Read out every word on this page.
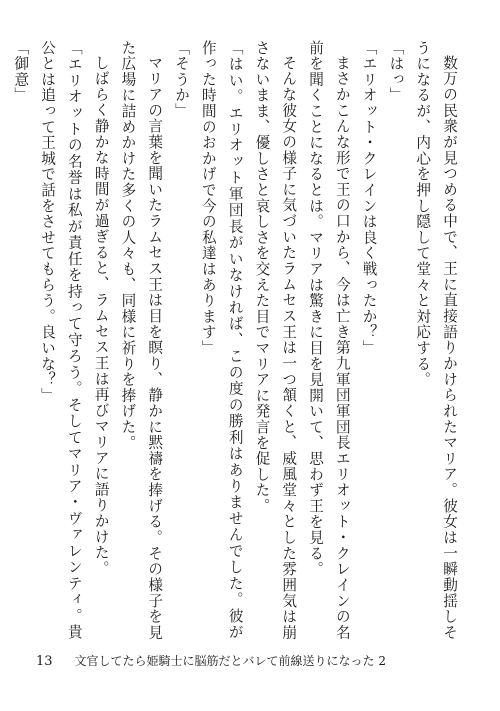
数万の民衆が見つめる中で、王に直接語りかけられたマリア。彼女は一瞬動揺しそうになるが、内心を押し隠して堂々と対応する。

「はっ」

「エリオット・クレインは良く戦ったか？」

まさかこんな形で王の口から、今は亡き第九軍団軍団長エリオット・クレインの名前を聞くことになるとは。マリアは驚きに目を見開いて、思わず王を見る。

そんな彼女の様子に気づいたラムセス王は一つ頷くと、威風堂々とした雰囲気は崩さないまま、優しさと哀しさを交えた目でマリアに発言を促した。

「はい。エリオット軍団長がいなければ、この度の勝利はありませんでした。彼が作った時間のおかげで今の私達はあります」

「そうか」

マリアの言葉を聞いたラムセス王は目を瞑り、静かに黙禱を捧げる。その様子を見た広場に詰めかけた多くの人々も、同様に祈りを捧げた。

しばらく静かな時間が過ぎると、ラムセス王は再びマリアに語りかけた。

「エリオットの名誉は私が責任を持って守ろう。そしてマリア・ヴァレンティ。貴公とは追って王城で話をさせてもらう。良いな？」

「御意」

13 文官してたら姫騎士に脳筋だとバレて前線送りになった 2
